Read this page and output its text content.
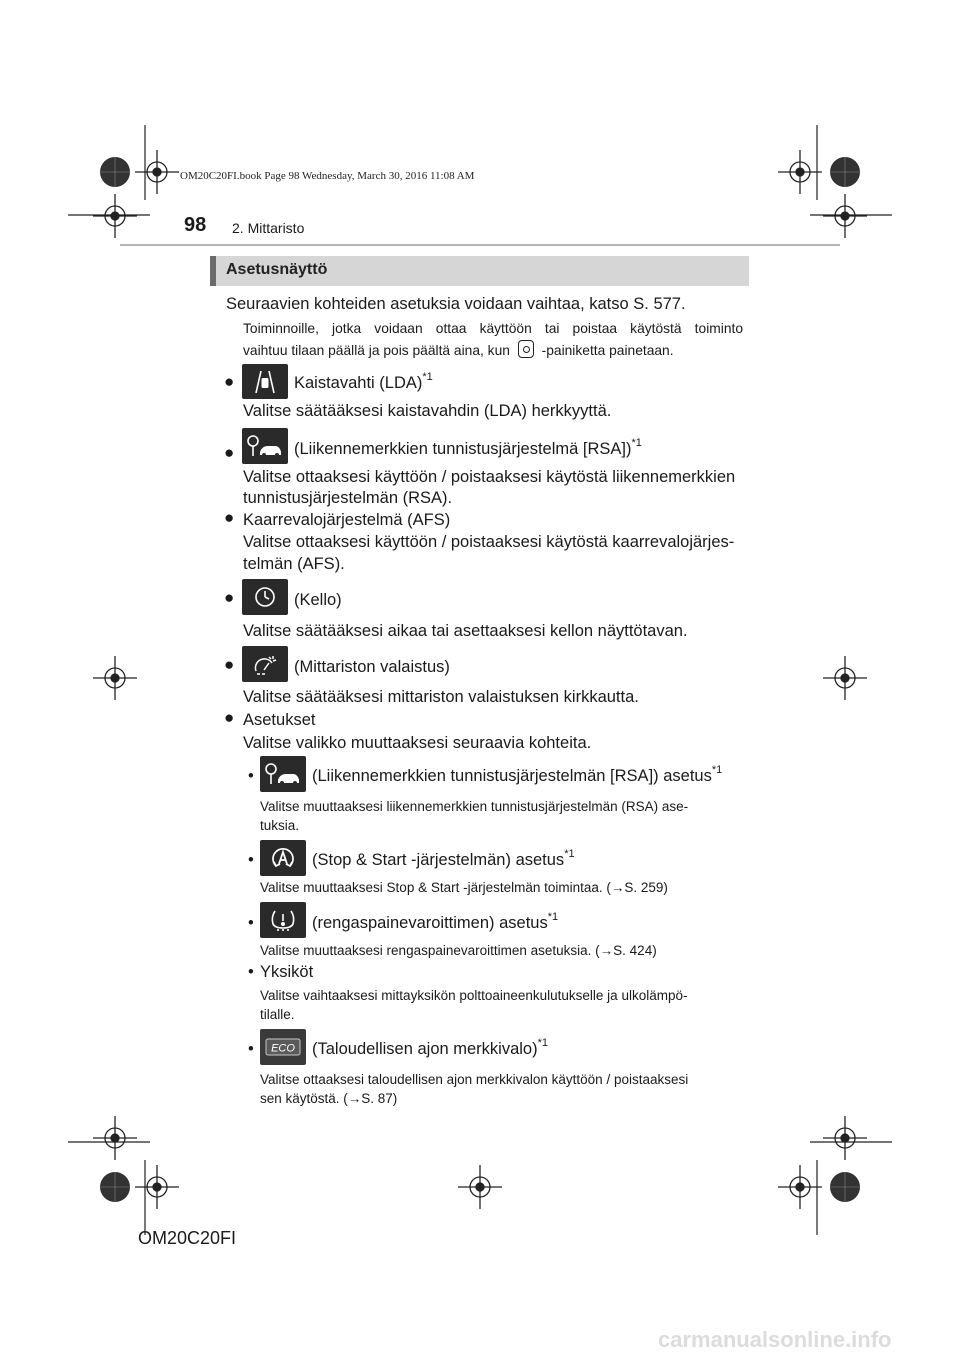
OM20C20FI.book Page 98 Wednesday, March 30, 2016 11:08 AM
98 2. Mittaristo
Asetusnäyttö
Seuraavien kohteiden asetuksia voidaan vaihtaa, katso S. 577.
Toiminnoille, jotka voidaan ottaa käyttöön tai poistaa käytöstä toiminto
vaihtuu tilaan päällä ja pois päältä aina, kun -painiketta painetaan.
●	Kaistavahti (LDA)$^{*1}$
Valitse säätääksesi kaistavahdin (LDA) herkkyyttä.
●	(Liikennemerkkien tunnistusjärjestelmä [RSA])$^{*1}$
Valitse ottaaksesi käyttöön / poistaaksesi käytöstä liikennemerkkien
tunnistusjärjestelmän (RSA).
● Kaarrevalojärjestelmä (AFS)
Valitse ottaaksesi käyttöön / poistaaksesi käytöstä kaarrevalojärjes-
telmän (AFS).
●	(Kello)
Valitse säätääksesi aikaa tai asettaaksesi kellon näyttötavan.
●	(Mittariston valaistus)
Valitse säätääksesi mittariston valaistuksen kirkkautta.
● Asetukset
Valitse valikko muuttaaksesi seuraavia kohteita.
•	(Liikennemerkkien tunnistusjärjestelmän [RSA]) asetus$^{*1}$
Valitse muuttaaksesi liikennemerkkien tunnistusjärjestelmän (RSA) ase-
tuksia.
•	(Stop & Start -järjestelmän) asetus$^{*1}$
Valitse muuttaaksesi Stop & Start -järjestelmän toimintaa. (→S. 259)
•	(rengaspainevaroittimen) asetus$^{*1}$
Valitse muuttaaksesi rengaspainevaroittimen asetuksia. (→S. 424)
• Yksiköt
Valitse vaihtaaksesi mittayksikön polttoaineenkulutukselle ja ulkolämpö-
tilalle.
• ECO (Taloudellisen ajon merkkivalo)$^{*1}$
Valitse ottaaksesi taloudellisen ajon merkkivalon käyttöön / poistaaksesi
sen käytöstä. (→S. 87)
OM20C20FI
carmanualsonline.info
